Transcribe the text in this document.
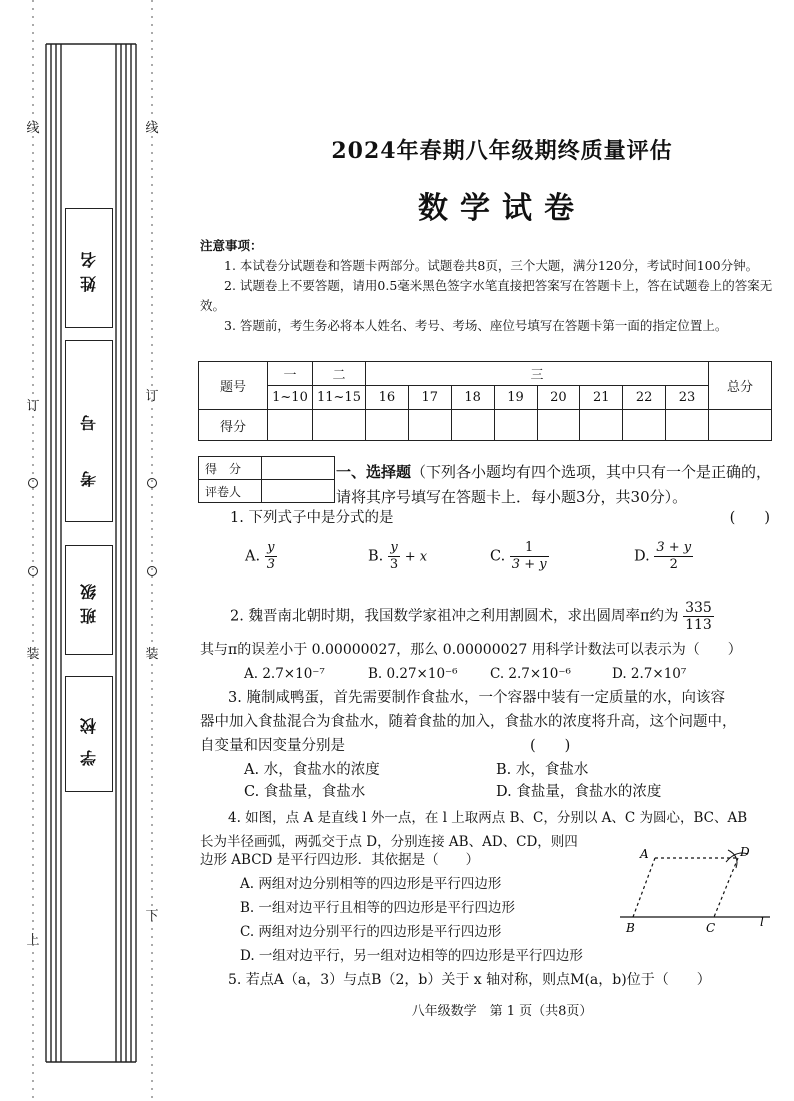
线
订
装
上
线
订
装
下
姓名
考号
班级
学校
2024年春期八年级期终质量评估
数学试卷

注意事项：

1. 本试卷分试题卷和答题卡两部分。试题卷共8页，三个大题，满分120分，考试时间100分钟。

2. 试题卷上不要答题，请用0.5毫米黑色签字水笔直接把答案写在答题卡上，答在试题卷上的答案无效。

3. 答题前，考生务必将本人姓名、考号、考场、座位号填写在答题卡第一面的指定位置上。

题号	一	二	三								总分
	1~10	11~15	16	17	18	19	20	21	22	23	
得分											
得　分	
评卷人	
一、选择题（下列各小题均有四个选项，其中只有一个是正确的，请将其序号填写在答题卡上．每小题3分，共30分）。
1. 下列式子中是分式的是	(　　)
A. $\frac{y}{3}$	B. $\frac{y}{3} + x$	C. $\frac{1}{3 + y}$	D. $\frac{3 + y}{2}$
2. 魏晋南北朝时期，我国数学家祖冲之利用割圆术，求出圆周率π约为 $\frac{335}{113}$
其与π的误差小于 0.00000027，那么 0.00000027 用科学计数法可以表示为（　　）
A. 2.7×10⁻⁷	B. 0.27×10⁻⁶ C. 2.7×10⁻⁶	D. 2.7×10⁷
3. 腌制咸鸭蛋，首先需要制作食盐水，一个容器中装有一定质量的水，向该容
器中加入食盐混合为食盐水，随着食盐的加入，食盐水的浓度将升高，这个问题中，
自变量和因变量分别是	(　　)
A. 水，食盐水的浓度	B. 水，食盐水
C. 食盐量，食盐水	D. 食盐量，食盐水的浓度
4. 如图，点 A 是直线 l 外一点，在 l 上取两点 B、C，分别以 A、C 为圆心，BC、AB
长为半径画弧，两弧交于点 D，分别连接 AB、AD、CD，则四
边形 ABCD 是平行四边形．其依据是（　　）
A. 两组对边分别相等的四边形是平行四边形
B. 一组对边平行且相等的四边形是平行四边形
C. 两组对边分别平行的四边形是平行四边形
D. 一组对边平行，另一组对边相等的四边形是平行四边形
A	D
B	C	l
5. 若点A（a，3）与点B（2，b）关于 x 轴对称，则点M(a，b)位于（　　）
八年级数学　第 1 页（共8页）
